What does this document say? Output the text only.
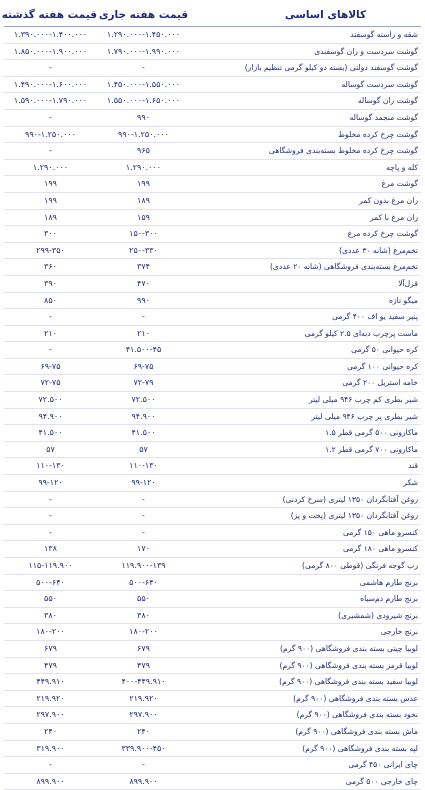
کالاهای اساسی	قیمت هفته جاری	قیمت هفته گذشته
شقه و راسته گوسفند	۱.۲۹۰.۰۰۰-۱.۴۵۰.۰۰۰	۱.۳۹۰.۰۰۰-۱.۴۰۰.۰۰۰
گوشت سردست و ران گوسفندی	۱.۷۹۰.۰۰۰-۱.۹۹۰.۰۰۰	۱.۸۵۰.۰۰۰-۱.۹۰۰.۰۰۰
گوشت گوسفند دولتی (بسته دو کیلو گرمی تنظیم بازار)	-	-
گوشت سردست گوساله	۱.۴۵۰.۰۰۰-۱.۵۵۰.۰۰۰	۱.۴۹۰.۰۰۰-۱.۶۰۰.۰۰۰
گوشت ران گوساله	۱.۵۵۰.۰۰۰-۱.۶۵۰.۰۰۰	۱.۵۹۰.۰۰۰-۱.۷۹۰.۰۰۰
گوشت منجمد گوساله	۹۹۰	-
گوشت چرخ کرده مخلوط	۹۹۰-۱.۲۵۰.۰۰۰	۹۹۰-۱.۲۵۰.۰۰۰
گوشت چرخ کرده مخلوط بسته‌بندی فروشگاهی	۹۶۵	-
کله و پاچه	۱.۲۹۰.۰۰۰	۱.۲۹۰.۰۰۰
گوشت مرغ	۱۹۹	۱۹۹
ران مرغ بدون کمر	۱۸۹	۱۹۹
ران مرغ با کمر	۱۵۹	۱۸۹
گوشت چرخ کرده مرغ	۱۵۰-۳۰۰	۳۰۰
تخم‌مرغ (شانه ۳۰ عددی)	۲۵۰-۳۳۰	۲۹۹-۳۵۰
تخم‌مرغ بسته‌بندی فروشگاهی (شانه ۲۰ عددی)	۳۷۴	۳۶۰
قزل‌آلا	۴۷۰	۳۹۰
میگو تازه	۹۹۰	۸۵۰
پنیر سفید یو اف ۴۰۰ گرمی	-	-
ماست پرچرب دبه‌ای ۲.۵ کیلو گرمی	۲۱۰	۲۱۰
کره حیوانی ۵۰ گرمی	۴۱.۵۰۰-۴۵	-
کره حیوانی ۱۰۰ گرمی	۶۹-۷۵	۶۹-۷۵
خامه استریل ۲۰۰ گرمی	۷۲-۷۹	۷۲-۷۵
شیر بطری کم چرب ۹۴۶ میلی لیتر	۷۲.۵۰۰	۷۲.۵۰۰
شیر بطری پر چرب ۹۴۶ میلی لیتر	۹۴.۹۰۰	۹۴.۹۰۰
ماکارونی ۵۰۰ گرمی قطر ۱.۵	۴۱.۵۰۰	۴۱.۵۰۰
ماکارونی ۷۰۰ گرمی قطر ۱.۲	۵۷	۵۷
قند	۱۱۰-۱۳۰	۱۱۰-۱۳۰
شکر	۹۹-۱۲۰	۹۹-۱۲۰
روغن آفتابگردان ۱۳۵۰ لیتری (سرخ کردنی)	-	-
روغن آفتابگردان ۱۳۵۰ لیتری (پخت و پز)	-	-
کنسرو ماهی ۱۵۰ گرمی	-	-
کنسرو ماهی ۱۸۰ گرمی	۱۷۰	۱۳۸
رب گوجه فرنگی (قوطی ۸۰۰ گرمی)	۱۱۹.۹۰۰-۱۳۹	۱۱۵-۱۱۹.۹۰۰
برنج طارم هاشمی	۵۰۰-۶۴۰	۵۰۰-۶۴۰
برنج طارم دم‌سیاه	۵۵۰	۵۵۰
برنج شیرودی (شمشیری)	۳۸۰	۳۸۰
برنج خارجی	۱۸۰-۲۰۰	۱۸۰-۲۰۰
لوبیا چیتی بسته بندی فروشگاهی (۹۰۰ گرم)	۶۷۹	۶۷۹
لوبیا قرمز بسته بندی فروشگاهی (۹۰۰ گرم)	۴۷۹	۴۷۹
لوبیا سفید بسته بندی فروشگاهی (۹۰۰ گرم)	۴۰۰-۴۴۹.۹۱۰	۴۴۹.۹۱۰
عدس بسته بندی فروشگاهی (۹۰۰ گرم)	۲۱۹.۹۲۰	۲۱۹.۹۲۰
نخود بسته بندی فروشگاهی (۹۰۰ گرم)	۲۹۷.۹۰۰	۲۹۷.۹۰۰
ماش بسته بندی فروشگاهی (۹۰۰ گرم)	۲۴۰	۲۴۰
لپه بسته بندی فروشگاهی (۹۰۰ گرم)	۳۳۹.۹۰۰-۴۵۰	۳۱۹.۹۰۰
چای ایرانی ۴۵۰ گرمی	-	-
چای خارجی ۵۰۰ گرمی	۸۹۹.۹۰۰	۸۹۹.۹۰۰
